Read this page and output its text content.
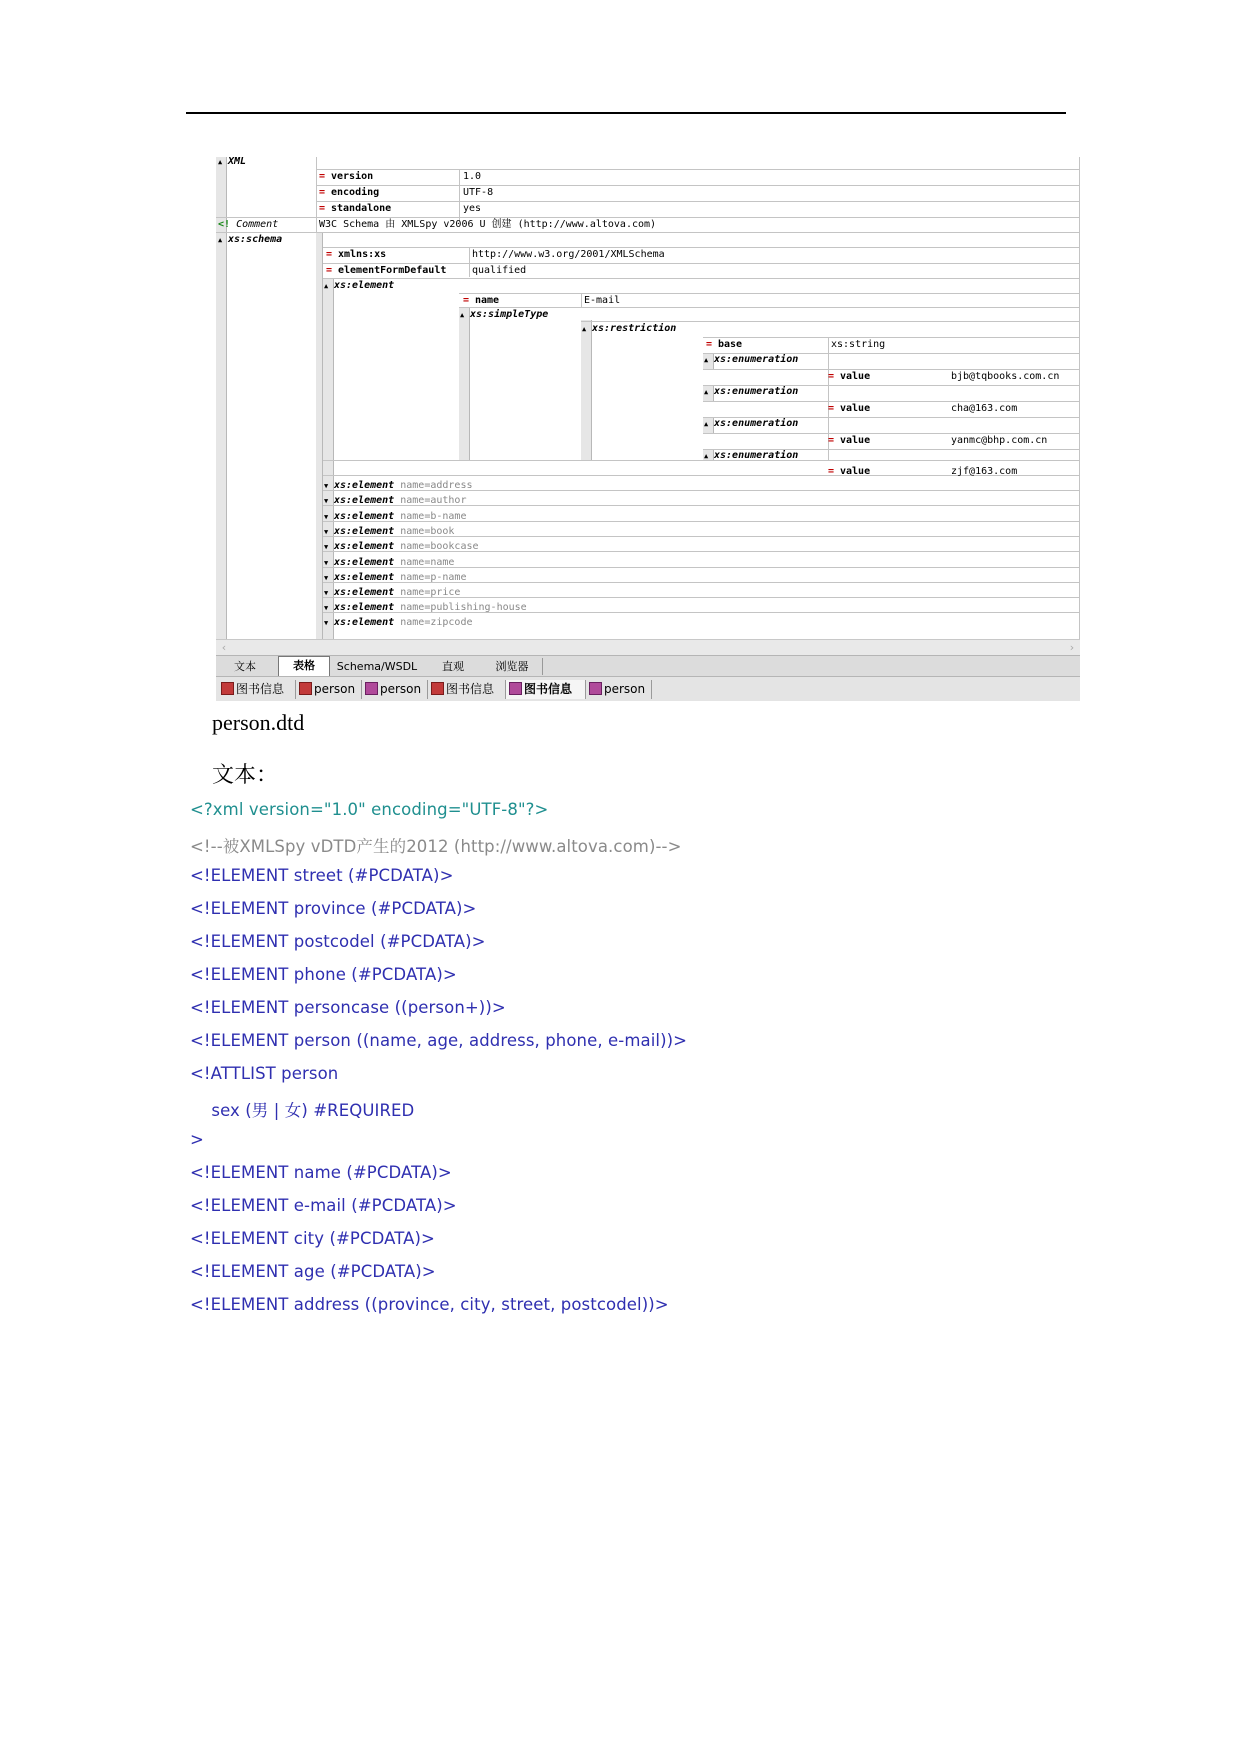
▲ XML
= version	1.0
= encoding	UTF-8
= standalone	yes
<! Comment	W3C Schema 由 XMLSpy v2006 U 创建 (http://www.altova.com)
▲ xs:schema
= xmlns:xs	http://www.w3.org/2001/XMLSchema
= elementFormDefault	qualified
▲ xs:element
= name	E-mail
▲ xs:simpleType
▲ xs:restriction
= base	xs:string
▲ xs:enumeration
= value	bjb@tqbooks.com.cn
▲ xs:enumeration
= value	cha@163.com
▲ xs:enumeration
= value	yanmc@bhp.com.cn
▲ xs:enumeration
= value	zjf@163.com
▼ xs:element name=address
▼ xs:element name=author
▼ xs:element name=b-name
▼ xs:element name=book
▼ xs:element name=bookcase
▼ xs:element name=name
▼ xs:element name=p-name
▼ xs:element name=price
▼ xs:element name=publishing-house
▼ xs:element name=zipcode
‹	›
文本	表格	Schema/WSDL	直观	浏览器
图书信息	person	person	图书信息	图书信息	person
person.dtd
文本：
<?xml version="1.0" encoding="UTF-8"?>
<!--被XMLSpy vDTD产生的2012 (http://www.altova.com)-->
<!ELEMENT street (#PCDATA)>
<!ELEMENT province (#PCDATA)>
<!ELEMENT postcodel (#PCDATA)>
<!ELEMENT phone (#PCDATA)>
<!ELEMENT personcase ((person+))>
<!ELEMENT person ((name, age, address, phone, e-mail))>
<!ATTLIST person
sex (男 | 女) #REQUIRED
>
<!ELEMENT name (#PCDATA)>
<!ELEMENT e-mail (#PCDATA)>
<!ELEMENT city (#PCDATA)>
<!ELEMENT age (#PCDATA)>
<!ELEMENT address ((province, city, street, postcodel))>
